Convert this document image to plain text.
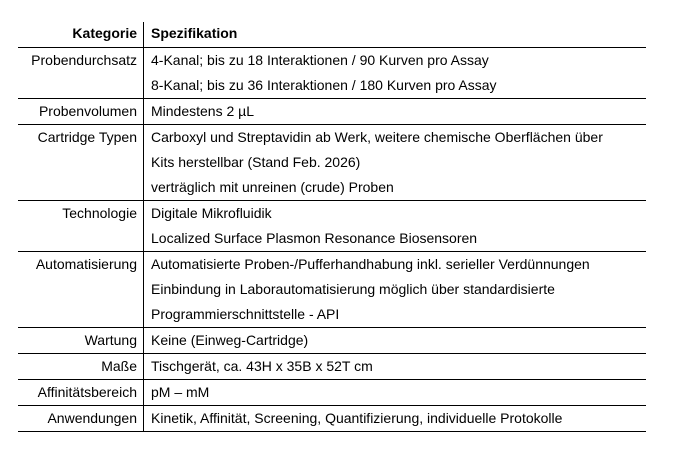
Kategorie	Spezifikation
Probendurchsatz	4-Kanal; bis zu 18 Interaktionen / 90 Kurven pro Assay
8-Kanal; bis zu 36 Interaktionen / 180 Kurven pro Assay
Probenvolumen	Mindestens 2 µL
Cartridge Typen	Carboxyl und Streptavidin ab Werk, weitere chemische Oberflächen über
Kits herstellbar (Stand Feb. 2026)
verträglich mit unreinen (crude) Proben
Technologie	Digitale Mikrofluidik
Localized Surface Plasmon Resonance Biosensoren
Automatisierung	Automatisierte Proben-/Pufferhandhabung inkl. serieller Verdünnungen
Einbindung in Laborautomatisierung möglich über standardisierte
Programmierschnittstelle - API
Wartung	Keine (Einweg-Cartridge)
Maße	Tischgerät, ca. 43H x 35B x 52T cm
Affinitätsbereich	pM – mM
Anwendungen	Kinetik, Affinität, Screening, Quantifizierung, individuelle Protokolle
